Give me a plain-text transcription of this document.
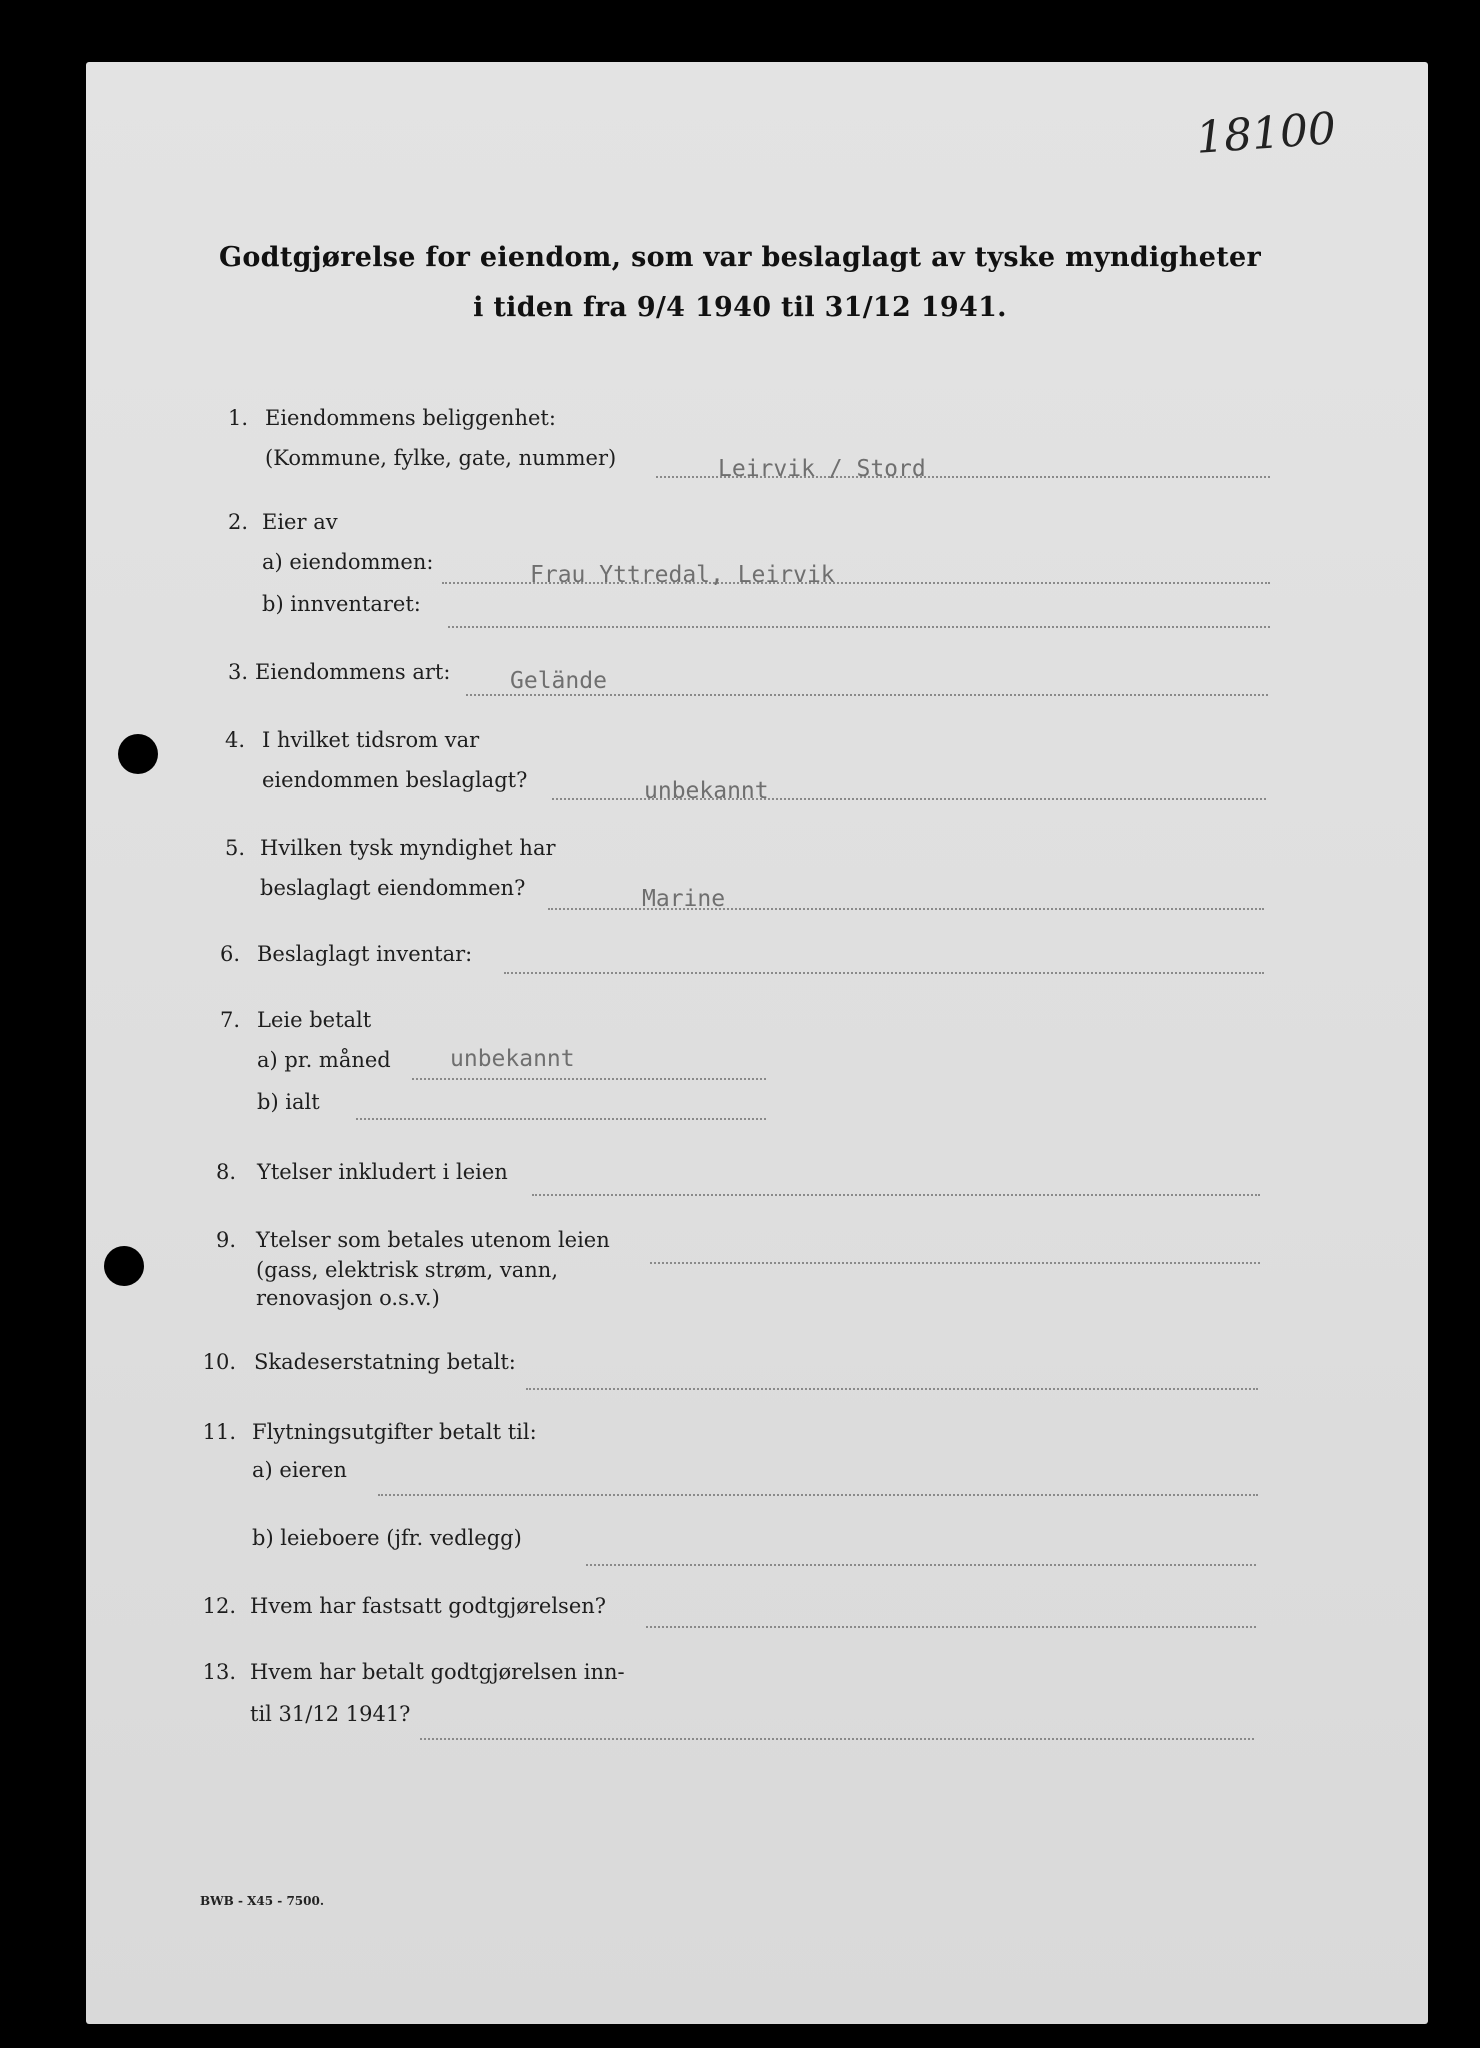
18100
Godtgjørelse for eiendom, som var beslaglagt av tyske myndigheter
i tiden fra 9/4 1940 til 31/12 1941.
1. Eiendommens beliggenhet:
(Kommune, fylke, gate, nummer)	Leirvik / Stord
2. Eier av
a) eiendommen:	Frau Yttredal, Leirvik
b) innventaret:
3. Eiendommens art:	Gelände
4. I hvilket tidsrom var
eiendommen beslaglagt?	unbekannt
5. Hvilken tysk myndighet har
beslaglagt eiendommen?	Marine
6. Beslaglagt inventar:
7. Leie betalt
a) pr. måned	unbekannt
b) ialt
8. Ytelser inkludert i leien
9. Ytelser som betales utenom leien
(gass, elektrisk strøm, vann,
renovasjon o.s.v.)
10. Skadeserstatning betalt:
11. Flytningsutgifter betalt til:
a) eieren
b) leieboere (jfr. vedlegg)
12. Hvem har fastsatt godtgjørelsen?
13. Hvem har betalt godtgjørelsen inn-
til 31/12 1941?
BWB - X45 - 7500.
